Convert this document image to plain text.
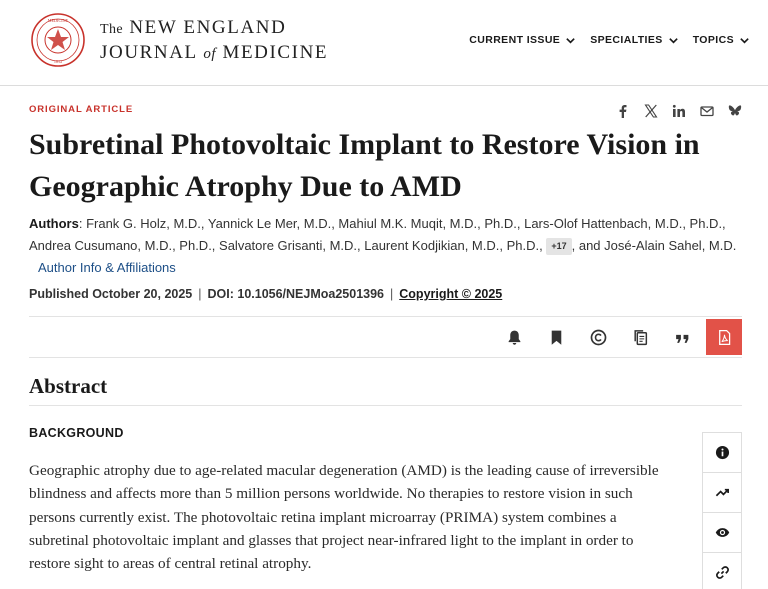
MEDICINE
1812
The NEW ENGLAND
JOURNAL of MEDICINE
CURRENT ISSUE	SPECIALTIES	TOPICS
ORIGINAL ARTICLE
Subretinal Photovoltaic Implant to Restore Vision in Geographic Atrophy Due to AMD
Authors: Frank G. Holz, M.D., Yannick Le Mer, M.D., Mahiul M.K. Muqit, M.D., Ph.D., Lars-Olof Hattenbach, M.D., Ph.D., Andrea Cusumano, M.D., Ph.D., Salvatore Grisanti, M.D., Laurent Kodjikian, M.D., Ph.D., +17 , and José-Alain Sahel, M.D. Author Info & Affiliations
Published October 20, 2025 | DOI: 10.1056/NEJMoa2501396 | Copyright © 2025
Abstract
BACKGROUND

Geographic atrophy due to age-related macular degeneration (AMD) is the leading cause of irreversible blindness and affects more than 5 million persons worldwide. No therapies to restore vision in such persons currently exist. The photovoltaic retina implant microarray (PRIMA) system combines a subretinal photovoltaic implant and glasses that project near-infrared light to the implant in order to restore sight to areas of central retinal atrophy.
